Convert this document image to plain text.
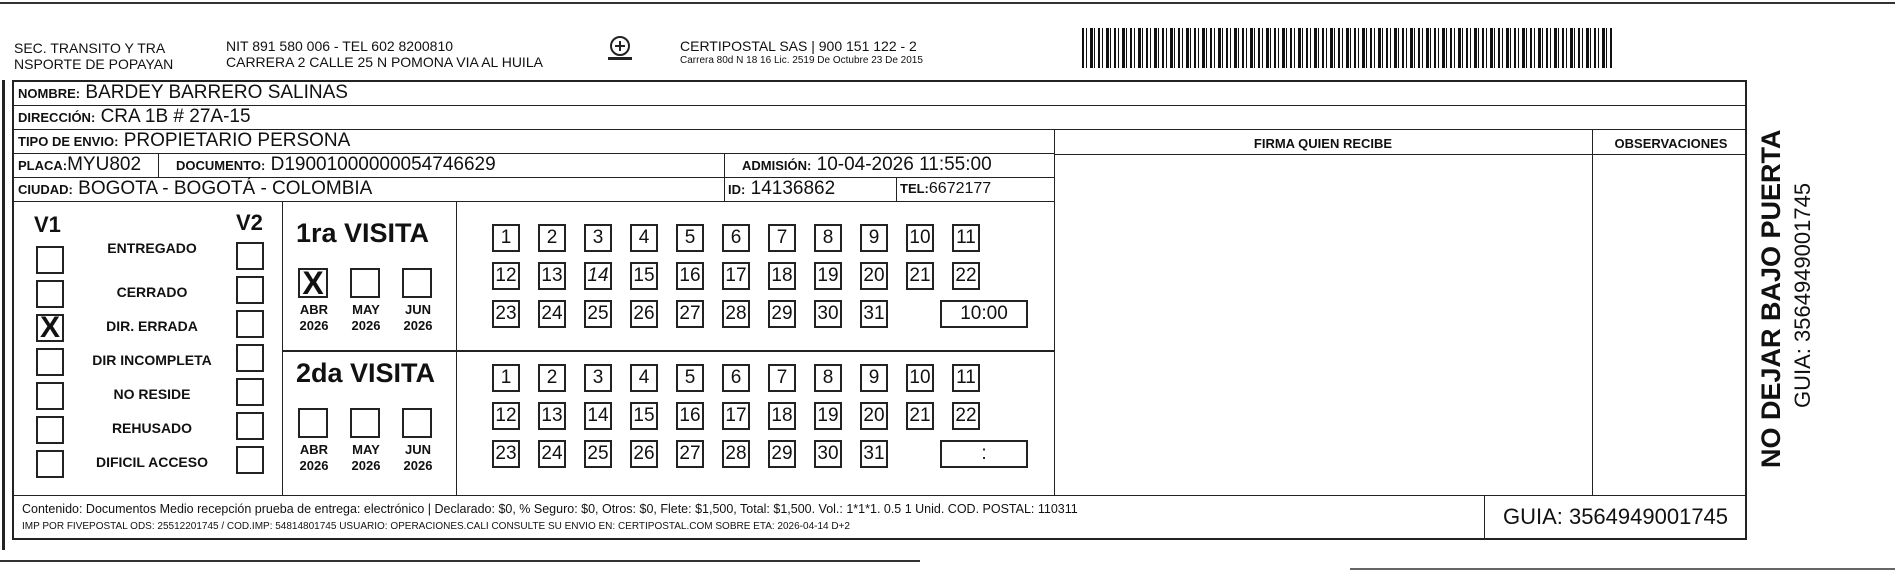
SEC. TRANSITO Y TRA
NSPORTE DE POPAYAN
NIT 891 580 006 - TEL 602 8200810
CARRERA 2 CALLE 25 N POMONA VIA AL HUILA
CERTIPOSTAL SAS | 900 151 122 - 2
Carrera 80d N 18 16 Lic. 2519 De Octubre 23 De 2015
NOMBRE: BARDEY BARRERO SALINAS
DIRECCIÓN: CRA 1B # 27A-15
TIPO DE ENVIO: PROPIETARIO PERSONA
PLACA:MYU802	DOCUMENTO: D19001000000054746629	ADMISIÓN: 10-04-2026 11:55:00
CIUDAD: BOGOTA - BOGOTÁ - COLOMBIA	ID: 14136862	TEL:6672177
FIRMA QUIEN RECIBE	OBSERVACIONES
V1	V2
ENTREGADO
CERRADO
X	DIR. ERRADA
DIR INCOMPLETA
NO RESIDE
REHUSADO
DIFICIL ACCESO
1ra VISITA
2da VISITA
X
ABR
2026
MAY
2026
JUN
2026
1	2	3	4	5	6	7	8	9	10 11
12 13 14 15 16 17 18 19 20 21 22
23 24 25 26 27 28 29 30 31	10:00
ABR
2026
MAY
2026
JUN
2026
1	2	3	4	5	6	7	8	9	10 11
12 13 14 15 16 17 18 19 20 21 22
23 24 25 26 27 28 29 30 31	:
Contenido: Documentos Medio recepción prueba de entrega: electrónico | Declarado: $0, % Seguro: $0, Otros: $0, Flete: $1,500, Total: $1,500. Vol.: 1*1*1. 0.5 1 Unid. COD. POSTAL: 110311
IMP POR FIVEPOSTAL ODS: 25512201745 / COD.IMP: 54814801745 USUARIO: OPERACIONES.CALI CONSULTE SU ENVIO EN: CERTIPOSTAL.COM SOBRE ETA: 2026-04-14 D+2	GUIA: 3564949001745
NO DEJAR BAJO PUERTA GUIA: 3564949001745
